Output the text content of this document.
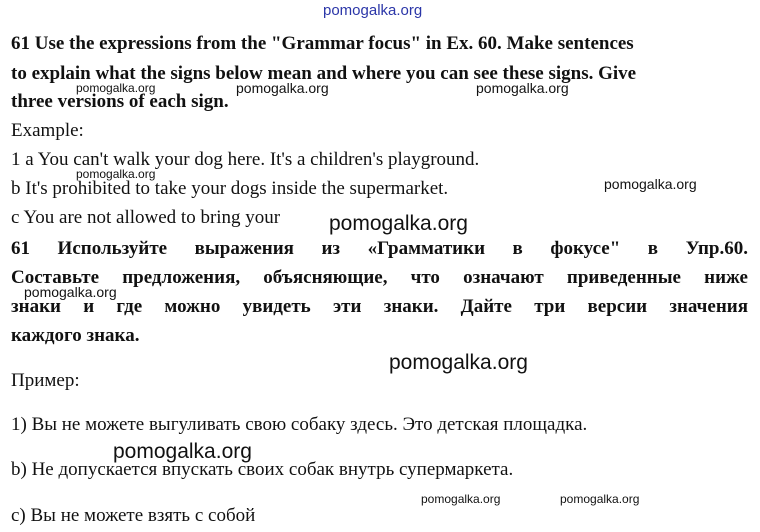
pomogalka.org
pomogalka.org	pomogalka.org	pomogalka.org
pomogalka.org
pomogalka.org
pomogalka.org
pomogalka.org
pomogalka.org
pomogalka.org
pomogalka.org	pomogalka.org
61 Use the expressions from the "Grammar focus" in Ex. 60. Make sentences
to explain what the signs below mean and where you can see these signs. Give
three versions of each sign.
Example:
1 a You can't walk your dog here. It's a children's playground.
b It's prohibited to take your dogs inside the supermarket.
c You are not allowed to bring your
61 Используйте выражения из «Грамматики в фокусе" в Упр.60.
Составьте предложения, объясняющие, что означают приведенные ниже
знаки и где можно увидеть эти знаки. Дайте три версии значения
каждого знака.
Пример:
1) Вы не можете выгуливать свою собаку здесь. Это детская площадка.
b) Не допускается впускать своих собак внутрь супермаркета.
c) Вы не можете взять с собой
